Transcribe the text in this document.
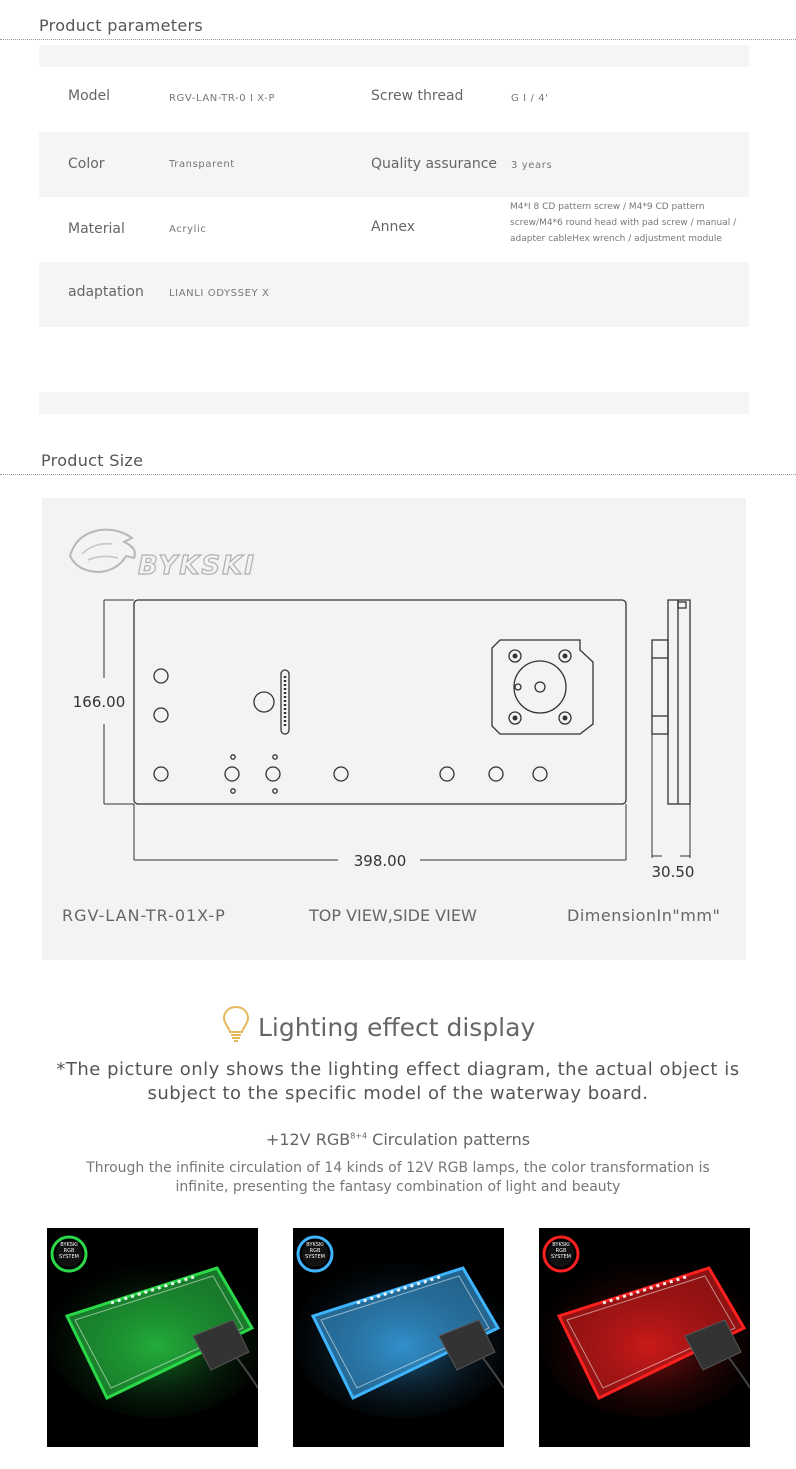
Product parameters
Model	RGV-LAN-TR-0 I X-P	Screw thread	G I / 4'
Color	Transparent	Quality assurance 3 years
Material	Acrylic	Annex
M4*I 8 CD pattern screw / M4*9 CD pattern screw/M4*6 round head with pad screw / manual / adapter cableHex wrench / adjustment module
adaptation	LIANLI ODYSSEY X
Product Size
BYKSKI
166.00
398.00
30.50
RGV-LAN-TR-01X-P	TOP VIEW,SIDE VIEW	DimensionIn"mm"
Lighting effect display
*The picture only shows the lighting effect diagram, the actual object is subject to the specific model of the waterway board.
+12V $RGB^{8+4}$ Circulation patterns
Through the infinite circulation of 14 kinds of 12V RGB lamps, the color transformation is infinite, presenting the fantasy combination of light and beauty
BYKSKI
RGB
SYSTEM
BYKSKI
RGB
SYSTEM
BYKSKI
RGB
SYSTEM
